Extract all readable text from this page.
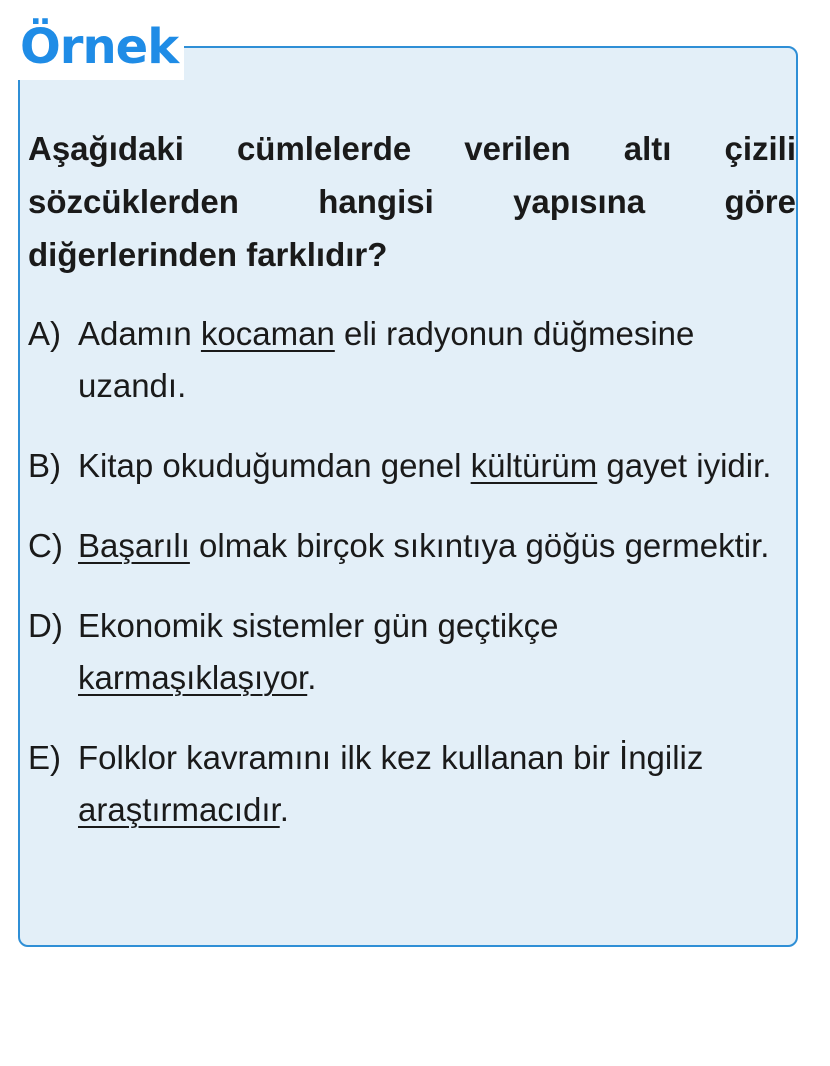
Örnek

Aşağıdaki cümlelerde verilen altı çizili sözcüklerden hangisi yapısına göre diğerlerinden farklıdır?

A) Adamın kocaman eli radyonun düğmesine uzandı.
B) Kitap okuduğumdan genel kültürüm gayet iyidir.
C) Başarılı olmak birçok sıkıntıya göğüs germektir.
D) Ekonomik sistemler gün geçtikçe karmaşıklaşıyor.
E) Folklor kavramını ilk kez kullanan bir İngiliz araştırmacıdır.
